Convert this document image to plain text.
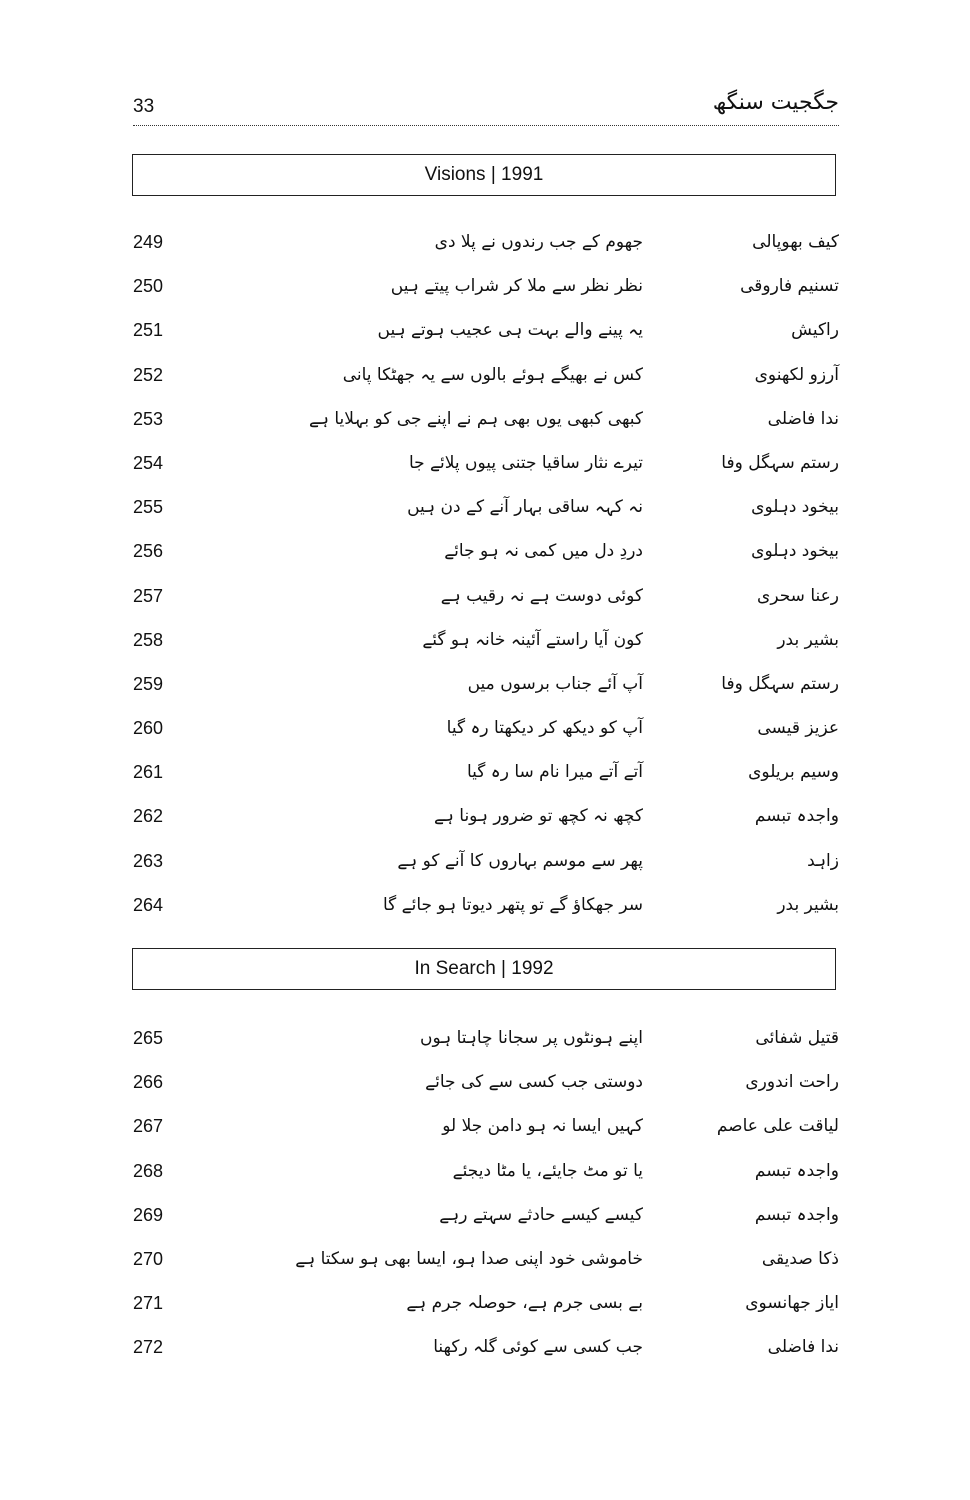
33	جگجیت سنگھ
Visions | 1991
249	جھوم کے جب رندوں نے پلا دی	کیف بھوپالی
250	نظر نظر سے ملا کر شراب پیتے ہیں	تسنیم فاروقی
251	یہ پینے والے بہت ہی عجیب ہوتے ہیں	راکیش
252	کس نے بھیگے ہوئے بالوں سے یہ جھٹکا پانی	آرزو لکھنوی
253	کبھی کبھی یوں بھی ہم نے اپنے جی کو بہلایا ہے	ندا فاضلی
254	تیرے نثار ساقیا جتنی پیوں پلائے جا	رستم سہگل وفا
255	نہ کہہ ساقی بہار آنے کے دن ہیں	بیخود دہلوی
256	دردِ دل میں کمی نہ ہو جائے	بیخود دہلوی
257	کوئی دوست ہے نہ رقیب ہے	رعنا سحری
258	کون آیا راستے آئینہ خانہ ہو گئے	بشیر بدر
259	آپ آئے جناب برسوں میں	رستم سہگل وفا
260	آپ کو دیکھ کر دیکھتا رہ گیا	عزیز قیسی
261	آتے آتے میرا نام سا رہ گیا	وسیم بریلوی
262	کچھ نہ کچھ تو ضرور ہونا ہے	واجدہ تبسم
263	پھر سے موسم بہاروں کا آنے کو ہے	زاہد
264	سر جھکاؤ گے تو پتھر دیوتا ہو جائے گا	بشیر بدر
In Search | 1992
265	اپنے ہونٹوں پر سجانا چاہتا ہوں	قتیل شفائی
266	دوستی جب کسی سے کی جائے	راحت اندوری
267	کہیں ایسا نہ ہو دامن جلا لو	لیاقت علی عاصم
268	یا تو مٹ جایئے، یا مٹا دیجئے	واجدہ تبسم
269	کیسے کیسے حادثے سہتے رہے	واجدہ تبسم
270	خاموشی خود اپنی صدا ہو، ایسا بھی ہو سکتا ہے	ذکا صدیقی
271	بے بسی جرم ہے، حوصلہ جرم ہے	ایاز جھانسوی
272	جب کسی سے کوئی گلہ رکھنا	ندا فاضلی
